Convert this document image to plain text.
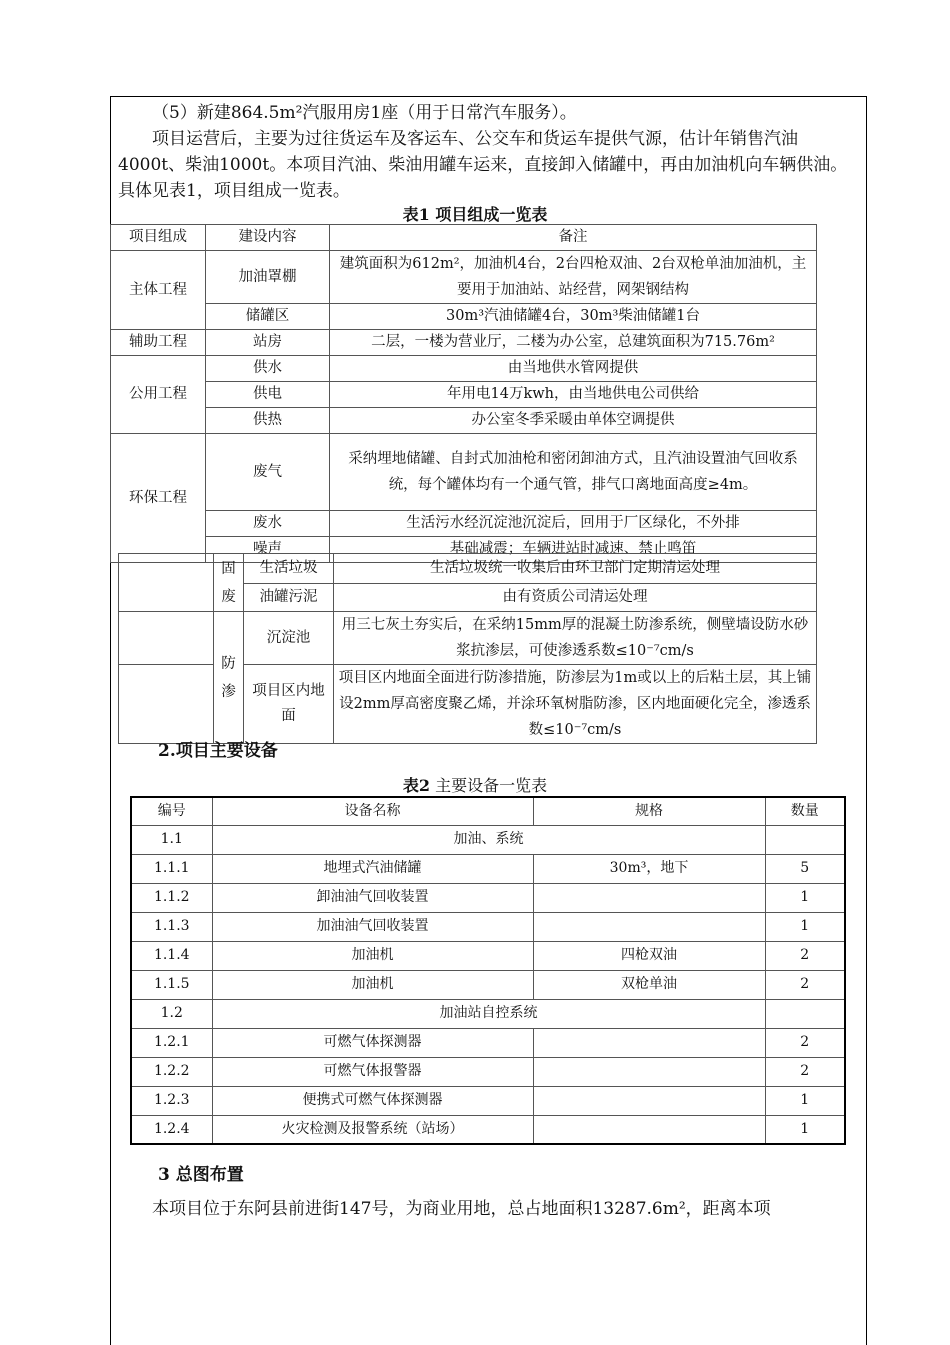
（5）新建864.5m²汽服用房1座（用于日常汽车服务）。

项目运营后，主要为过往货运车及客运车、公交车和货运车提供气源，估计年销售汽油4000t、柴油1000t。本项目汽油、柴油用罐车运来，直接卸入储罐中，再由加油机向车辆供油。具体见表1，项目组成一览表。

表1 项目组成一览表
项目组成	建设内容	备注
主体工程	加油罩棚	建筑面积为612m²，加油机4台，2台四枪双油、2台双枪单油加油机，主要用于加油站、站经营，网架钢结构
	储罐区	30m³汽油储罐4台，30m³柴油储罐1台
辅助工程	站房	二层，一楼为营业厅，二楼为办公室，总建筑面积为715.76m²
公用工程	供水	由当地供水管网提供
	供电	年用电14万kwh，由当地供电公司供给
	供热	办公室冬季采暖由单体空调提供
环保工程	废气	采纳埋地储罐、自封式加油枪和密闭卸油方式，且汽油设置油气回收系统，每个罐体均有一个通气管，排气口离地面高度≥4m。
	废水	生活污水经沉淀池沉淀后，回用于厂区绿化，不外排
	噪声	基础减震；车辆进站时减速、禁止鸣笛
	固废	生活垃圾	生活垃圾统一收集后由环卫部门定期清运处理
		油罐污泥	由有资质公司清运处理
	防渗	沉淀池	用三七灰土夯实后，在采纳15mm厚的混凝土防渗系统，侧壁墙设防水砂浆抗渗层，可使渗透系数≤10⁻⁷cm/s
		项目区内地面	项目区内地面全面进行防渗措施，防渗层为1m或以上的后粘土层，其上铺设2mm厚高密度聚乙烯，并涂环氧树脂防渗，区内地面硬化完全，渗透系数≤10⁻⁷cm/s
2.项目主要设备
表2 主要设备一览表
编号	设备名称	规格	数量
1.1	加油、系统		
1.1.1	地埋式汽油储罐	30m³，地下	5
1.1.2	卸油油气回收装置		1
1.1.3	加油油气回收装置		1
1.1.4	加油机	四枪双油	2
1.1.5	加油机	双枪单油	2
1.2	加油站自控系统		
1.2.1	可燃气体探测器		2
1.2.2	可燃气体报警器		2
1.2.3	便携式可燃气体探测器		1
1.2.4	火灾检测及报警系统（站场）		1
3 总图布置

本项目位于东阿县前进街147号，为商业用地，总占地面积13287.6m²，距离本项
